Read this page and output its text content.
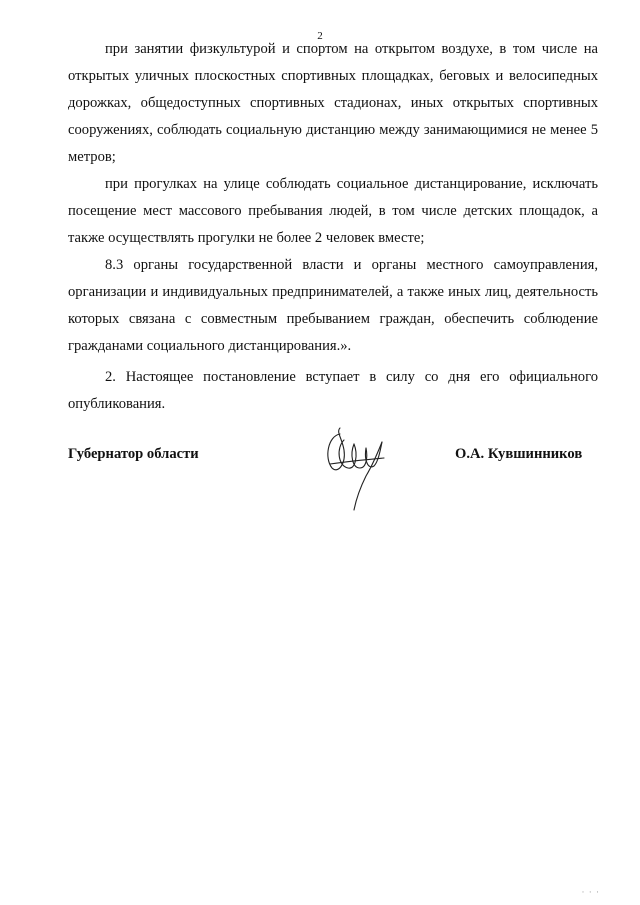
2

при занятии физкультурой и спортом на открытом воздухе, в том числе на открытых уличных плоскостных спортивных площадках, беговых и велосипедных дорожках, общедоступных спортивных стадионах, иных открытых спортивных сооружениях, соблюдать социальную дистанцию между занимающимися не менее 5 метров;

при прогулках на улице соблюдать социальное дистанцирование, исключать посещение мест массового пребывания людей, в том числе детских площадок, а также осуществлять прогулки не более 2 человек вместе;

8.3 органы государственной власти и органы местного самоуправления, организации и индивидуальных предпринимателей, а также иных лиц, деятельность которых связана с совместным пребыванием граждан, обеспечить соблюдение гражданами социального дистанцирования.».

2. Настоящее постановление вступает в силу со дня его официального опубликования.

Губернатор области	О.А. Кувшинников
· · ·
